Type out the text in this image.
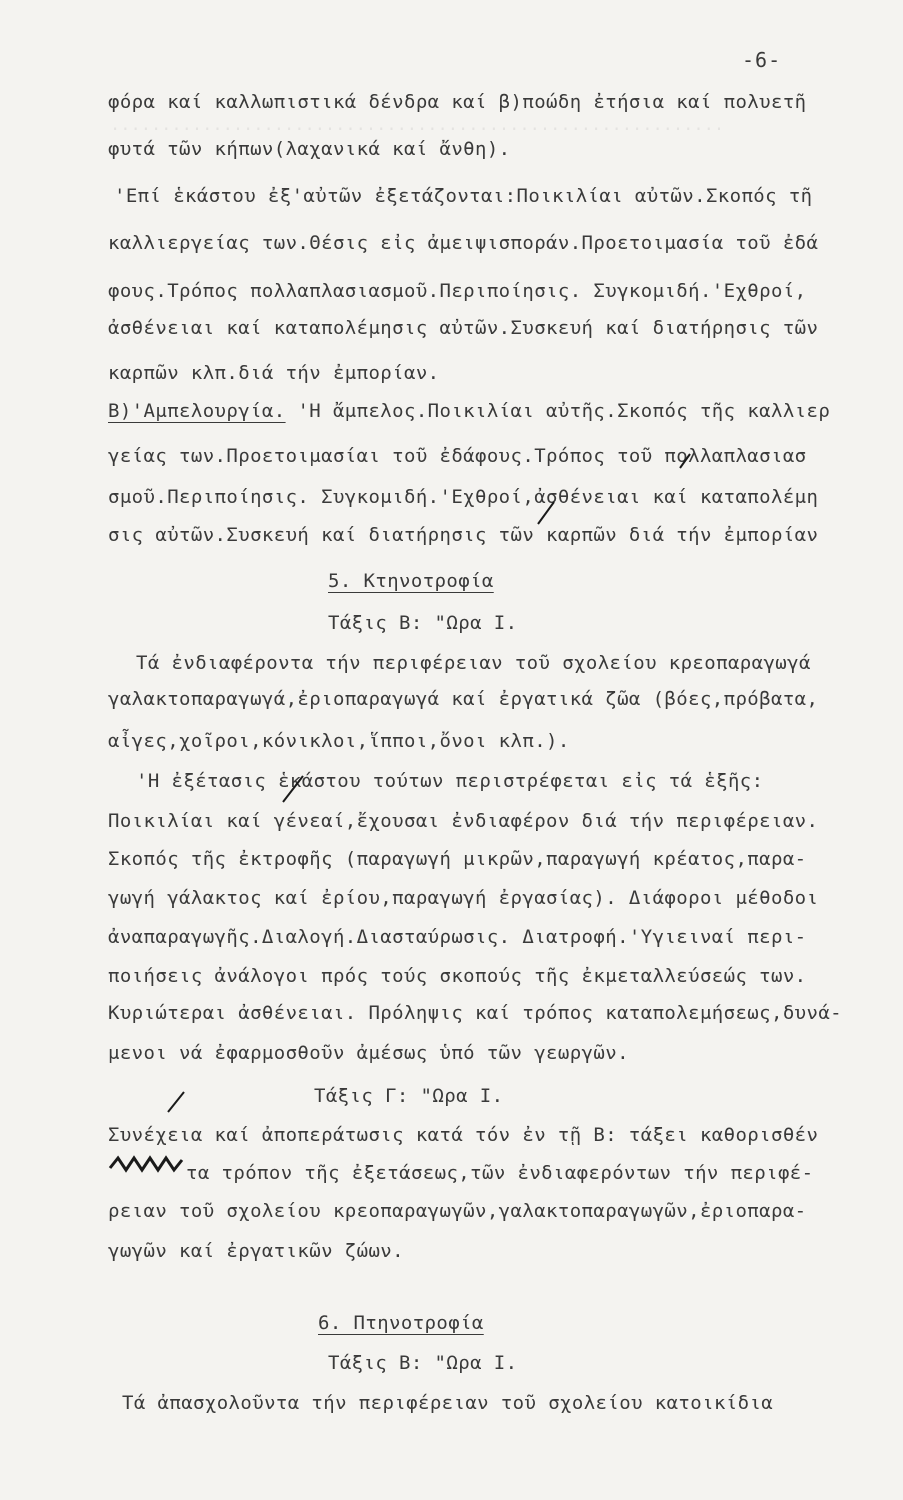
............................................................
-6-
φόρα καί καλλωπιστικά δένδρα καί β)ποώδη ἐτήσια καί πολυετῆ
φυτά τῶν κήπων(λαχανικά καί ἄνθη).
'Επί ἑκάστου ἐξ'αὐτῶν ἐξετάζονται:Ποικιλίαι αὐτῶν.Σκοπός τῆ
καλλιεργείας των.Θέσις εἰς ἀμειψισποράν.Προετοιμασία τοῦ ἐδά
φους.Τρόπος πολλαπλασιασμοῦ.Περιποίησις. Συγκομιδή.'Εχθροί,
ἀσθένειαι καί καταπολέμησις αὐτῶν.Συσκευή καί διατήρησις τῶν
καρπῶν κλπ.διά τήν ἐμπορίαν.
Β)'Αμπελουργία. 'Η ἄμπελος.Ποικιλίαι αὐτῆς.Σκοπός τῆς καλλιερ
γείας των.Προετοιμασίαι τοῦ ἐδάφους.Τρόπος τοῦ πολλαπλασιασ
σμοῦ.Περιποίησις. Συγκομιδή.'Εχθροί,ἀσθένειαι καί καταπολέμη
σις αὐτῶν.Συσκευή καί διατήρησις τῶν καρπῶν διά τήν ἐμπορίαν
5. Κτηνοτροφία
Τάξις Β: "Ωρα Ι.
Τά ἐνδιαφέροντα τήν περιφέρειαν τοῦ σχολείου κρεοπαραγωγά
γαλακτοπαραγωγά,ἐριοπαραγωγά καί ἐργατικά ζῶα (βόες,πρόβατα,
αἶγες,χοῖροι,κόνικλοι,ἵπποι,ὄνοι κλπ.).
'Η ἐξέτασις ἑκάστου τούτων περιστρέφεται εἰς τά ἑξῆς:
Ποικιλίαι καί γένεαί,ἔχουσαι ἐνδιαφέρον διά τήν περιφέρειαν.
Σκοπός τῆς ἐκτροφῆς (παραγωγή μικρῶν,παραγωγή κρέατος,παρα-
γωγή γάλακτος καί ἐρίου,παραγωγή ἐργασίας). Διάφοροι μέθοδοι
ἀναπαραγωγῆς.Διαλογή.Διασταύρωσις. Διατροφή.'Υγιειναί περι-
ποιήσεις ἀνάλογοι πρός τούς σκοπούς τῆς ἐκμεταλλεύσεώς των.
Κυριώτεραι ἀσθένειαι. Πρόληψις καί τρόπος καταπολεμήσεως,δυνά-
μενοι νά ἐφαρμοσθοῦν ἀμέσως ὑπό τῶν γεωργῶν.
Τάξις Γ: "Ωρα Ι.
Συνέχεια καί ἀποπεράτωσις κατά τόν ἐν τῇ Β: τάξει καθορισθέν
τα τρόπον τῆς ἐξετάσεως,τῶν ἐνδιαφερόντων τήν περιφέ-
ρειαν τοῦ σχολείου κρεοπαραγωγῶν,γαλακτοπαραγωγῶν,ἐριοπαρα-
γωγῶν καί ἐργατικῶν ζώων.
6. Πτηνοτροφία
Τάξις Β: "Ωρα Ι.
Τά ἀπασχολοῦντα τήν περιφέρειαν τοῦ σχολείου κατοικίδια
